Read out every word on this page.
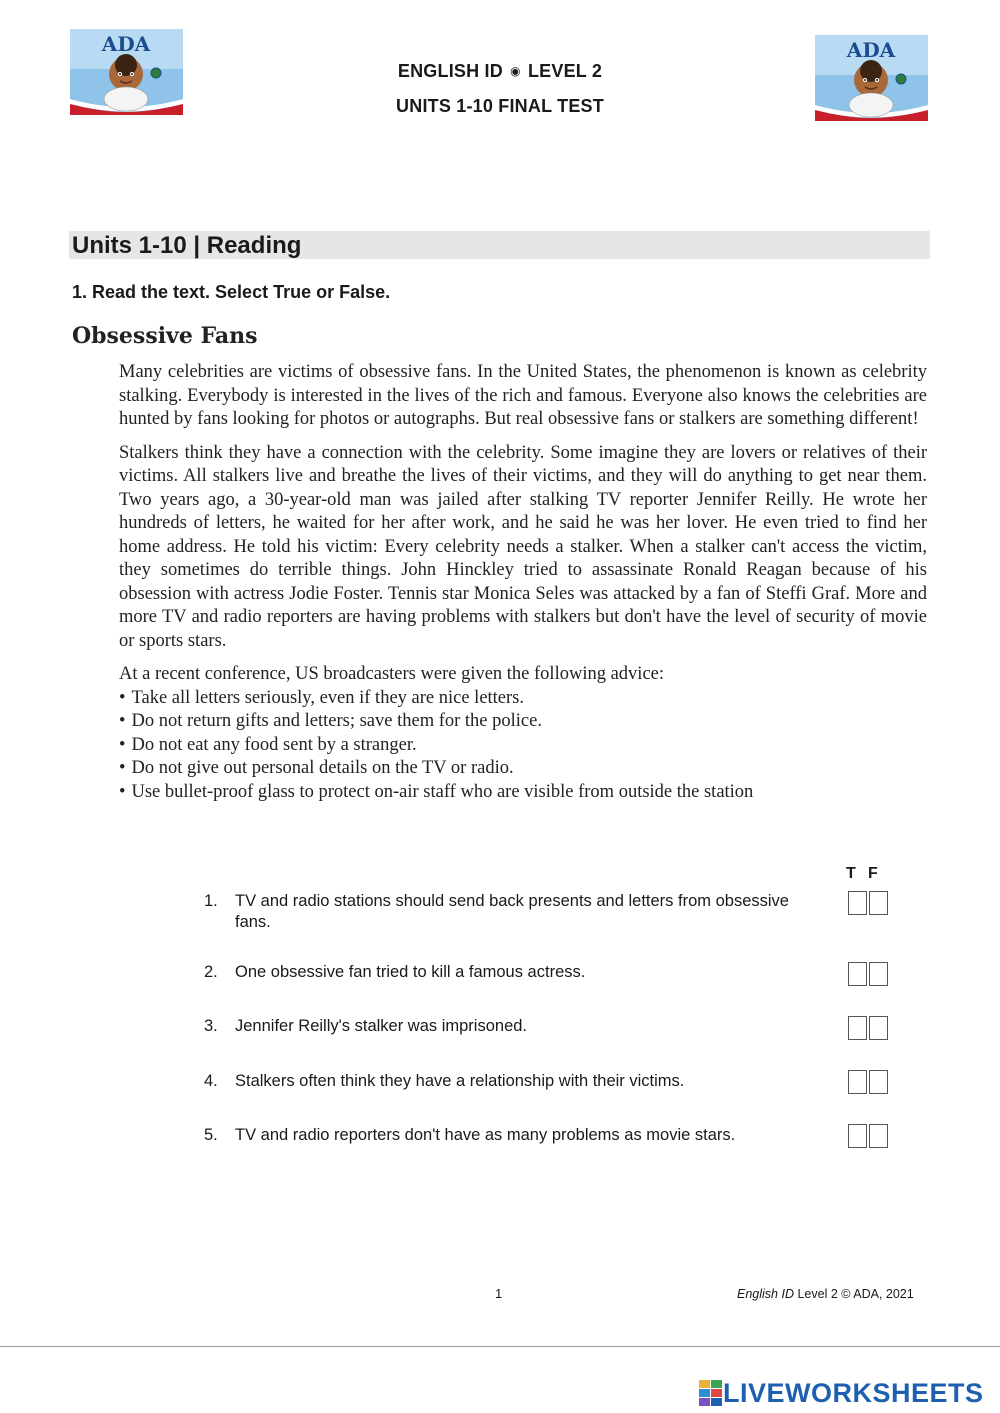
ADA	ADA
ENGLISH ID ◉ LEVEL 2
UNITS 1-10 FINAL TEST
Units 1-10 | Reading
1. Read the text. Select True or False.
Obsessive Fans

Many celebrities are victims of obsessive fans. In the United States, the phenomenon is known as celebrity stalking. Everybody is interested in the lives of the rich and famous. Everyone also knows the celebrities are hunted by fans looking for photos or autographs. But real obsessive fans or stalkers are something different!

Stalkers think they have a connection with the celebrity. Some imagine they are lovers or relatives of their victims. All stalkers live and breathe the lives of their victims, and they will do anything to get near them. Two years ago, a 30-year-old man was jailed after stalking TV reporter Jennifer Reilly. He wrote her hundreds of letters, he waited for her after work, and he said he was her lover. He even tried to find her home address. He told his victim: Every celebrity needs a stalker. When a stalker can't access the victim, they sometimes do terrible things. John Hinckley tried to assassinate Ronald Reagan because of his obsession with actress Jodie Foster. Tennis star Monica Seles was attacked by a fan of Steffi Graf. More and more TV and radio reporters are having problems with stalkers but don't have the level of security of movie or sports stars.

At a recent conference, US broadcasters were given the following advice:

• Take all letters seriously, even if they are nice letters.
• Do not return gifts and letters; save them for the police.
• Do not eat any food sent by a stranger.
• Do not give out personal details on the TV or radio.
• Use bullet-proof glass to protect on-air staff who are visible from outside the station
T F
1. TV and radio stations should send back presents and letters from obsessive fans.
2. One obsessive fan tried to kill a famous actress.
3. Jennifer Reilly's stalker was imprisoned.
4. Stalkers often think they have a relationship with their victims.
5. TV and radio reporters don't have as many problems as movie stars.
1	English ID Level 2 © ADA, 2021
LIVEWORKSHEETS
